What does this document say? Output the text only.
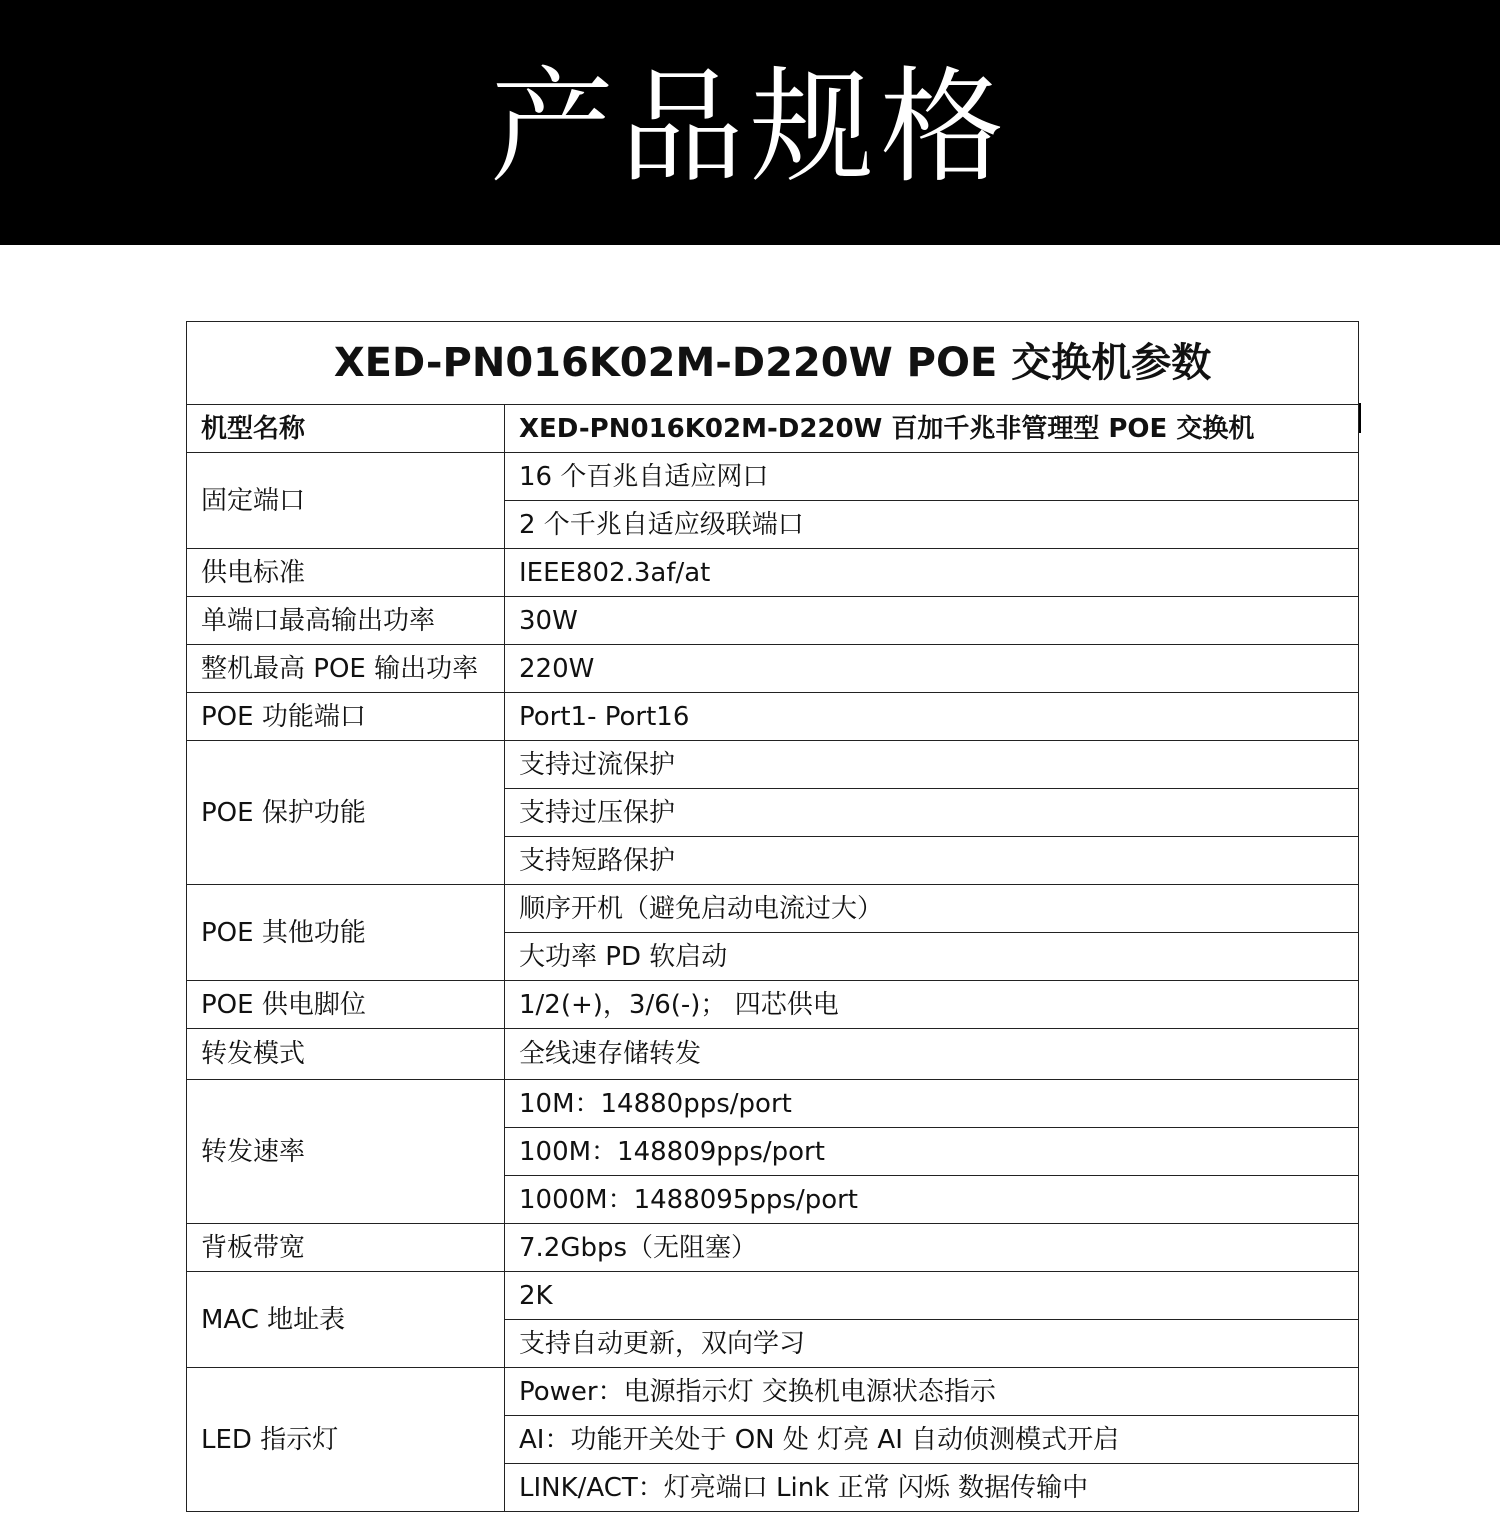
产品规格
XED-PN016K02M-D220W POE 交换机参数	
机型名称	XED-PN016K02M-D220W 百加千兆非管理型 POE 交换机
固定端口	16 个百兆自适应网口
	2 个千兆自适应级联端口
供电标准	IEEE802.3af/at
单端口最高输出功率	30W
整机最高 POE 输出功率	220W
POE 功能端口	Port1- Port16
POE 保护功能	支持过流保护
	支持过压保护
	支持短路保护
POE 其他功能	顺序开机（避免启动电流过大）
	大功率 PD 软启动
POE 供电脚位	1/2(+)，3/6(-)； 四芯供电
转发模式	全线速存储转发
转发速率	10M：14880pps/port
	100M：148809pps/port
	1000M：1488095pps/port
背板带宽	7.2Gbps（无阻塞）
MAC 地址表	2K
	支持自动更新，双向学习
LED 指示灯	Power：电源指示灯 交换机电源状态指示
	AI：功能开关处于 ON 处 灯亮 AI 自动侦测模式开启
	LINK/ACT：灯亮端口 Link 正常 闪烁 数据传输中
